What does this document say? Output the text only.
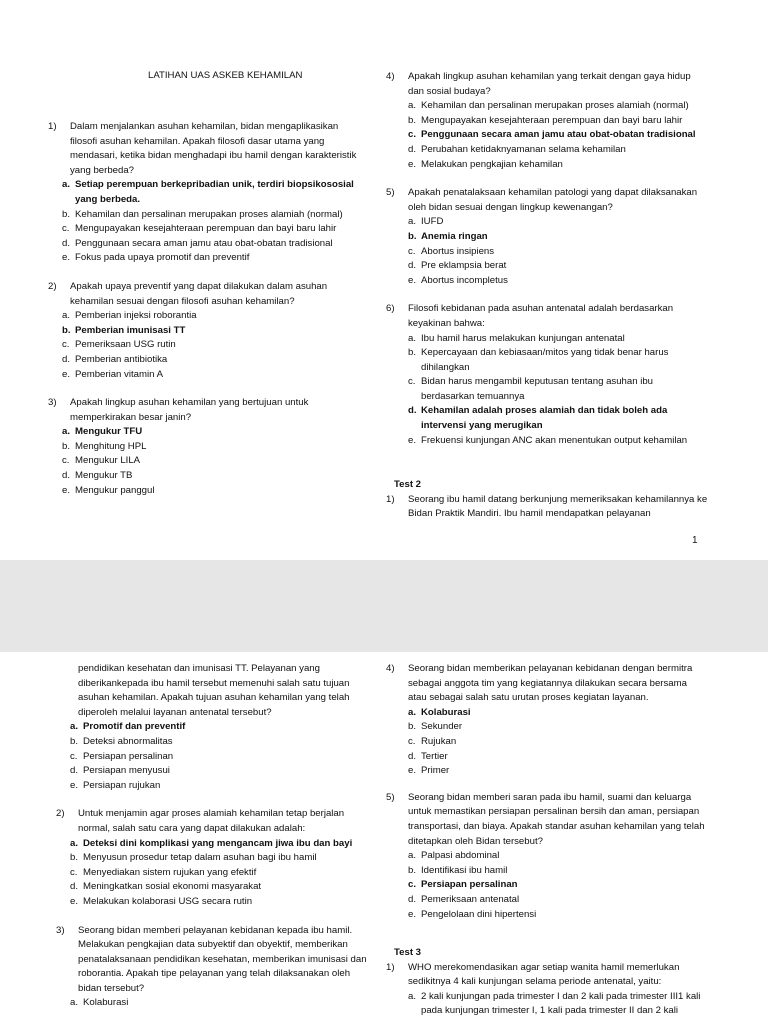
LATIHAN UAS ASKEB KEHAMILAN
1)	Dalam menjalankan asuhan kehamilan, bidan mengaplikasikan filosofi asuhan kehamilan. Apakah filosofi dasar utama yang mendasari, ketika bidan menghadapi ibu hamil dengan karakteristik yang berbeda?
a. Setiap perempuan berkepribadian unik, terdiri biopsikososial yang berbeda.
b. Kehamilan dan persalinan merupakan proses alamiah (normal)
c. Mengupayakan kesejahteraan perempuan dan bayi baru lahir
d. Penggunaan secara aman jamu atau obat-obatan tradisional
e. Fokus pada upaya promotif dan preventif
2)	Apakah upaya preventif yang dapat dilakukan dalam asuhan kehamilan sesuai dengan filosofi asuhan kehamilan?
a. Pemberian injeksi roborantia
b. Pemberian imunisasi TT
c. Pemeriksaan USG rutin
d. Pemberian antibiotika
e. Pemberian vitamin A
3)	Apakah lingkup asuhan kehamilan yang bertujuan untuk memperkirakan besar janin?
a. Mengukur TFU
b. Menghitung HPL
c. Mengukur LILA
d. Mengukur TB
e. Mengukur panggul
4)	Apakah lingkup asuhan kehamilan yang terkait dengan gaya hidup dan sosial budaya?
a. Kehamilan dan persalinan merupakan proses alamiah (normal)
b. Mengupayakan kesejahteraan perempuan dan bayi baru lahir
c. Penggunaan secara aman jamu atau obat-obatan tradisional
d. Perubahan ketidaknyamanan selama kehamilan
e. Melakukan pengkajian kehamilan
5)	Apakah penatalaksaan kehamilan patologi yang dapat dilaksanakan oleh bidan sesuai dengan lingkup kewenangan?
a. IUFD
b. Anemia ringan
c. Abortus insipiens
d. Pre eklampsia berat
e. Abortus incompletus
6)	Filosofi kebidanan pada asuhan antenatal adalah berdasarkan keyakinan bahwa:
a. Ibu hamil harus melakukan kunjungan antenatal
b. Kepercayaan dan kebiasaan/mitos yang tidak benar harus dihilangkan
c. Bidan harus mengambil keputusan tentang asuhan ibu berdasarkan temuannya
d. Kehamilan adalah proses alamiah dan tidak boleh ada intervensi yang merugikan
e. Frekuensi kunjungan ANC akan menentukan output kehamilan
Test 2
1)	Seorang ibu hamil datang berkunjung memeriksakan kehamilannya ke Bidan Praktik Mandiri. Ibu hamil mendapatkan pelayanan
1
pendidikan kesehatan dan imunisasi TT. Pelayanan yang diberikankepada ibu hamil tersebut memenuhi salah satu tujuan asuhan kehamilan. Apakah tujuan asuhan kehamilan yang telah diperoleh melalui layanan antenatal tersebut?
a. Promotif dan preventif
b. Deteksi abnormalitas
c. Persiapan persalinan
d. Persiapan menyusui
e. Persiapan rujukan
2)	Untuk menjamin agar proses alamiah kehamilan tetap berjalan normal, salah satu cara yang dapat dilakukan adalah:
a. Deteksi dini komplikasi yang mengancam jiwa ibu dan bayi
b. Menyusun prosedur tetap dalam asuhan bagi ibu hamil
c. Menyediakan sistem rujukan yang efektif
d. Meningkatkan sosial ekonomi masyarakat
e. Melakukan kolaborasi USG secara rutin
3)	Seorang bidan memberi pelayanan kebidanan kepada ibu hamil. Melakukan pengkajian data subyektif dan obyektif, memberikan penatalaksanaan pendidikan kesehatan, memberikan imunisasi dan roborantia. Apakah tipe pelayanan yang telah dilaksanakan oleh bidan tersebut?
a. Kolaburasi
4)	Seorang bidan memberikan pelayanan kebidanan dengan bermitra sebagai anggota tim yang kegiatannya dilakukan secara bersama atau sebagai salah satu urutan proses kegiatan layanan.
a. Kolaburasi
b. Sekunder
c. Rujukan
d. Tertier
e. Primer
5)	Seorang bidan memberi saran pada ibu hamil, suami dan keluarga untuk memastikan persiapan persalinan bersih dan aman, persiapan transportasi, dan biaya. Apakah standar asuhan kehamilan yang telah ditetapkan oleh Bidan tersebut?
a. Palpasi abdominal
b. Identifikasi ibu hamil
c. Persiapan persalinan
d. Pemeriksaan antenatal
e. Pengelolaan dini hipertensi
Test 3
1)	WHO merekomendasikan agar setiap wanita hamil memerlukan sedikitnya 4 kali kunjungan selama periode antenatal, yaitu:
a. 2 kali kunjungan pada trimester I dan 2 kali pada trimester III1 kali pada kunjungan trimester I, 1 kali pada trimester II dan 2 kali
